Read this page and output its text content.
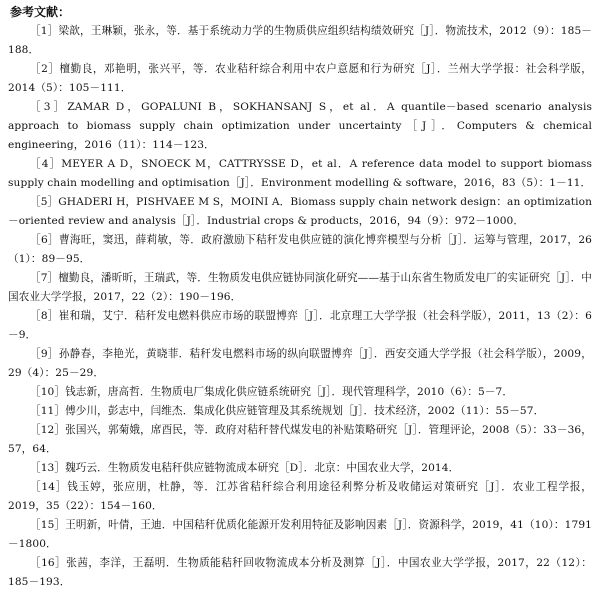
参考文献：

［1］梁歆，王琳颖，张永，等．基于系统动力学的生物质供应组织结构绩效研究［J］．物流技术，2012（9）：185－188．

［2］檀勤良，邓艳明，张兴平，等．农业秸秆综合利用中农户意愿和行为研究［J］．兰州大学学报：社会科学版，2014（5）：105－111．

［3］ZAMAR D，GOPALUNI B，SOKHANSANJ S，et al．A quantile－based scenario analysis approach to biomass supply chain optimization under uncertainty［J］．Computers & chemical engineering，2016（11）：114－123．

［4］MEYER A D，SNOECK M，CATTRYSSE D，et al．A reference data model to support biomass supply chain modelling and optimisation［J］．Environment modelling & software，2016，83（5）：1－11．

［5］GHADERI H，PISHVAEE M S，MOINI A．Biomass supply chain network design：an optimization－oriented review and analysis［J］．Industrial crops & products，2016，94（9）：972－1000．

［6］曹海旺，窦迅，薛莉敏，等．政府激励下秸秆发电供应链的演化博弈模型与分析［J］．运筹与管理，2017，26（1）：89－95．

［7］檀勤良，潘昕昕，王瑞武，等．生物质发电供应链协同演化研究——基于山东省生物质发电厂的实证研究［J］．中国农业大学学报，2017，22（2）：190－196．

［8］崔和瑞，艾宁．秸秆发电燃料供应市场的联盟博弈［J］．北京理工大学学报（社会科学版），2011，13（2）：6－9．

［9］孙静春，李艳光，黄晓菲．秸秆发电燃料市场的纵向联盟博弈［J］．西安交通大学学报（社会科学版），2009，29（4）：25－29．

［10］钱志新，唐高哲．生物质电厂集成化供应链系统研究［J］．现代管理科学，2010（6）：5－7．

［11］傅少川，彭志中，闫维杰．集成化供应链管理及其系统规划［J］．技术经济，2002（11）：55－57．

［12］张国兴，郭菊娥，席酉民，等．政府对秸秆替代煤发电的补贴策略研究［J］．管理评论，2008（5）：33－36，57，64．

［13］魏巧云．生物质发电秸秆供应链物流成本研究［D］．北京：中国农业大学，2014．

［14］钱玉婷，张应朋，杜静，等．江苏省秸秆综合利用途径利弊分析及收储运对策研究［J］．农业工程学报，2019，35（22）：154－160．

［15］王明新，叶倩，王迪．中国秸秆优质化能源开发利用特征及影响因素［J］．资源科学，2019，41（10）：1791－1800．

［16］张茜，李洋，王磊明．生物质能秸秆回收物流成本分析及测算［J］．中国农业大学学报，2017，22（12）：185－193．
